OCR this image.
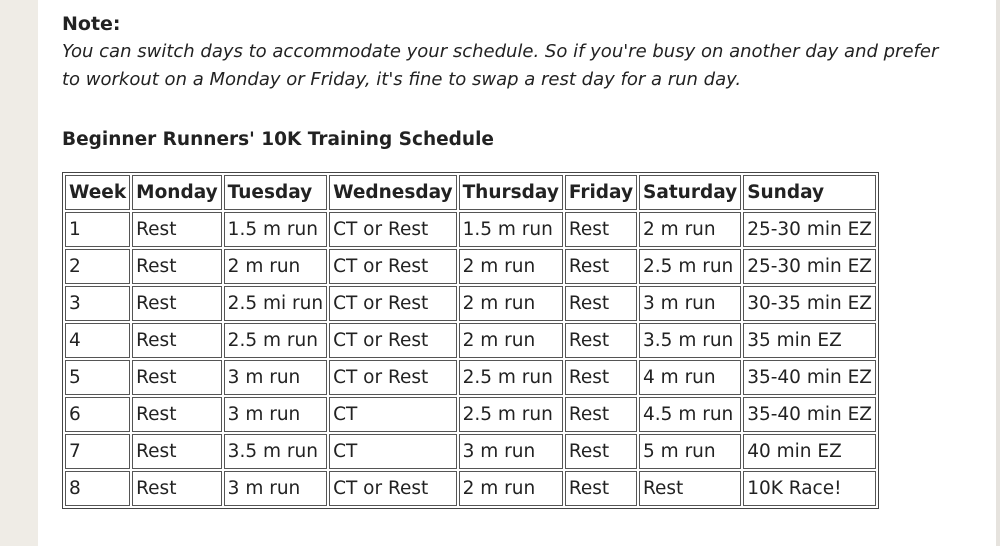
Note:

You can switch days to accommodate your schedule. So if you're busy on another day and prefer to workout on a Monday or Friday, it's fine to swap a rest day for a run day.

Beginner Runners' 10K Training Schedule

Week	Monday	Tuesday	Wednesday	Thursday	Friday	Saturday	Sunday
1	Rest	1.5 m run	CT or Rest	1.5 m run	Rest	2 m run	25-30 min EZ
2	Rest	2 m run	CT or Rest	2 m run	Rest	2.5 m run	25-30 min EZ
3	Rest	2.5 mi run	CT or Rest	2 m run	Rest	3 m run	30-35 min EZ
4	Rest	2.5 m run	CT or Rest	2 m run	Rest	3.5 m run	35 min EZ
5	Rest	3 m run	CT or Rest	2.5 m run	Rest	4 m run	35-40 min EZ
6	Rest	3 m run	CT	2.5 m run	Rest	4.5 m run	35-40 min EZ
7	Rest	3.5 m run	CT	3 m run	Rest	5 m run	40 min EZ
8	Rest	3 m run	CT or Rest	2 m run	Rest	Rest	10K Race!
